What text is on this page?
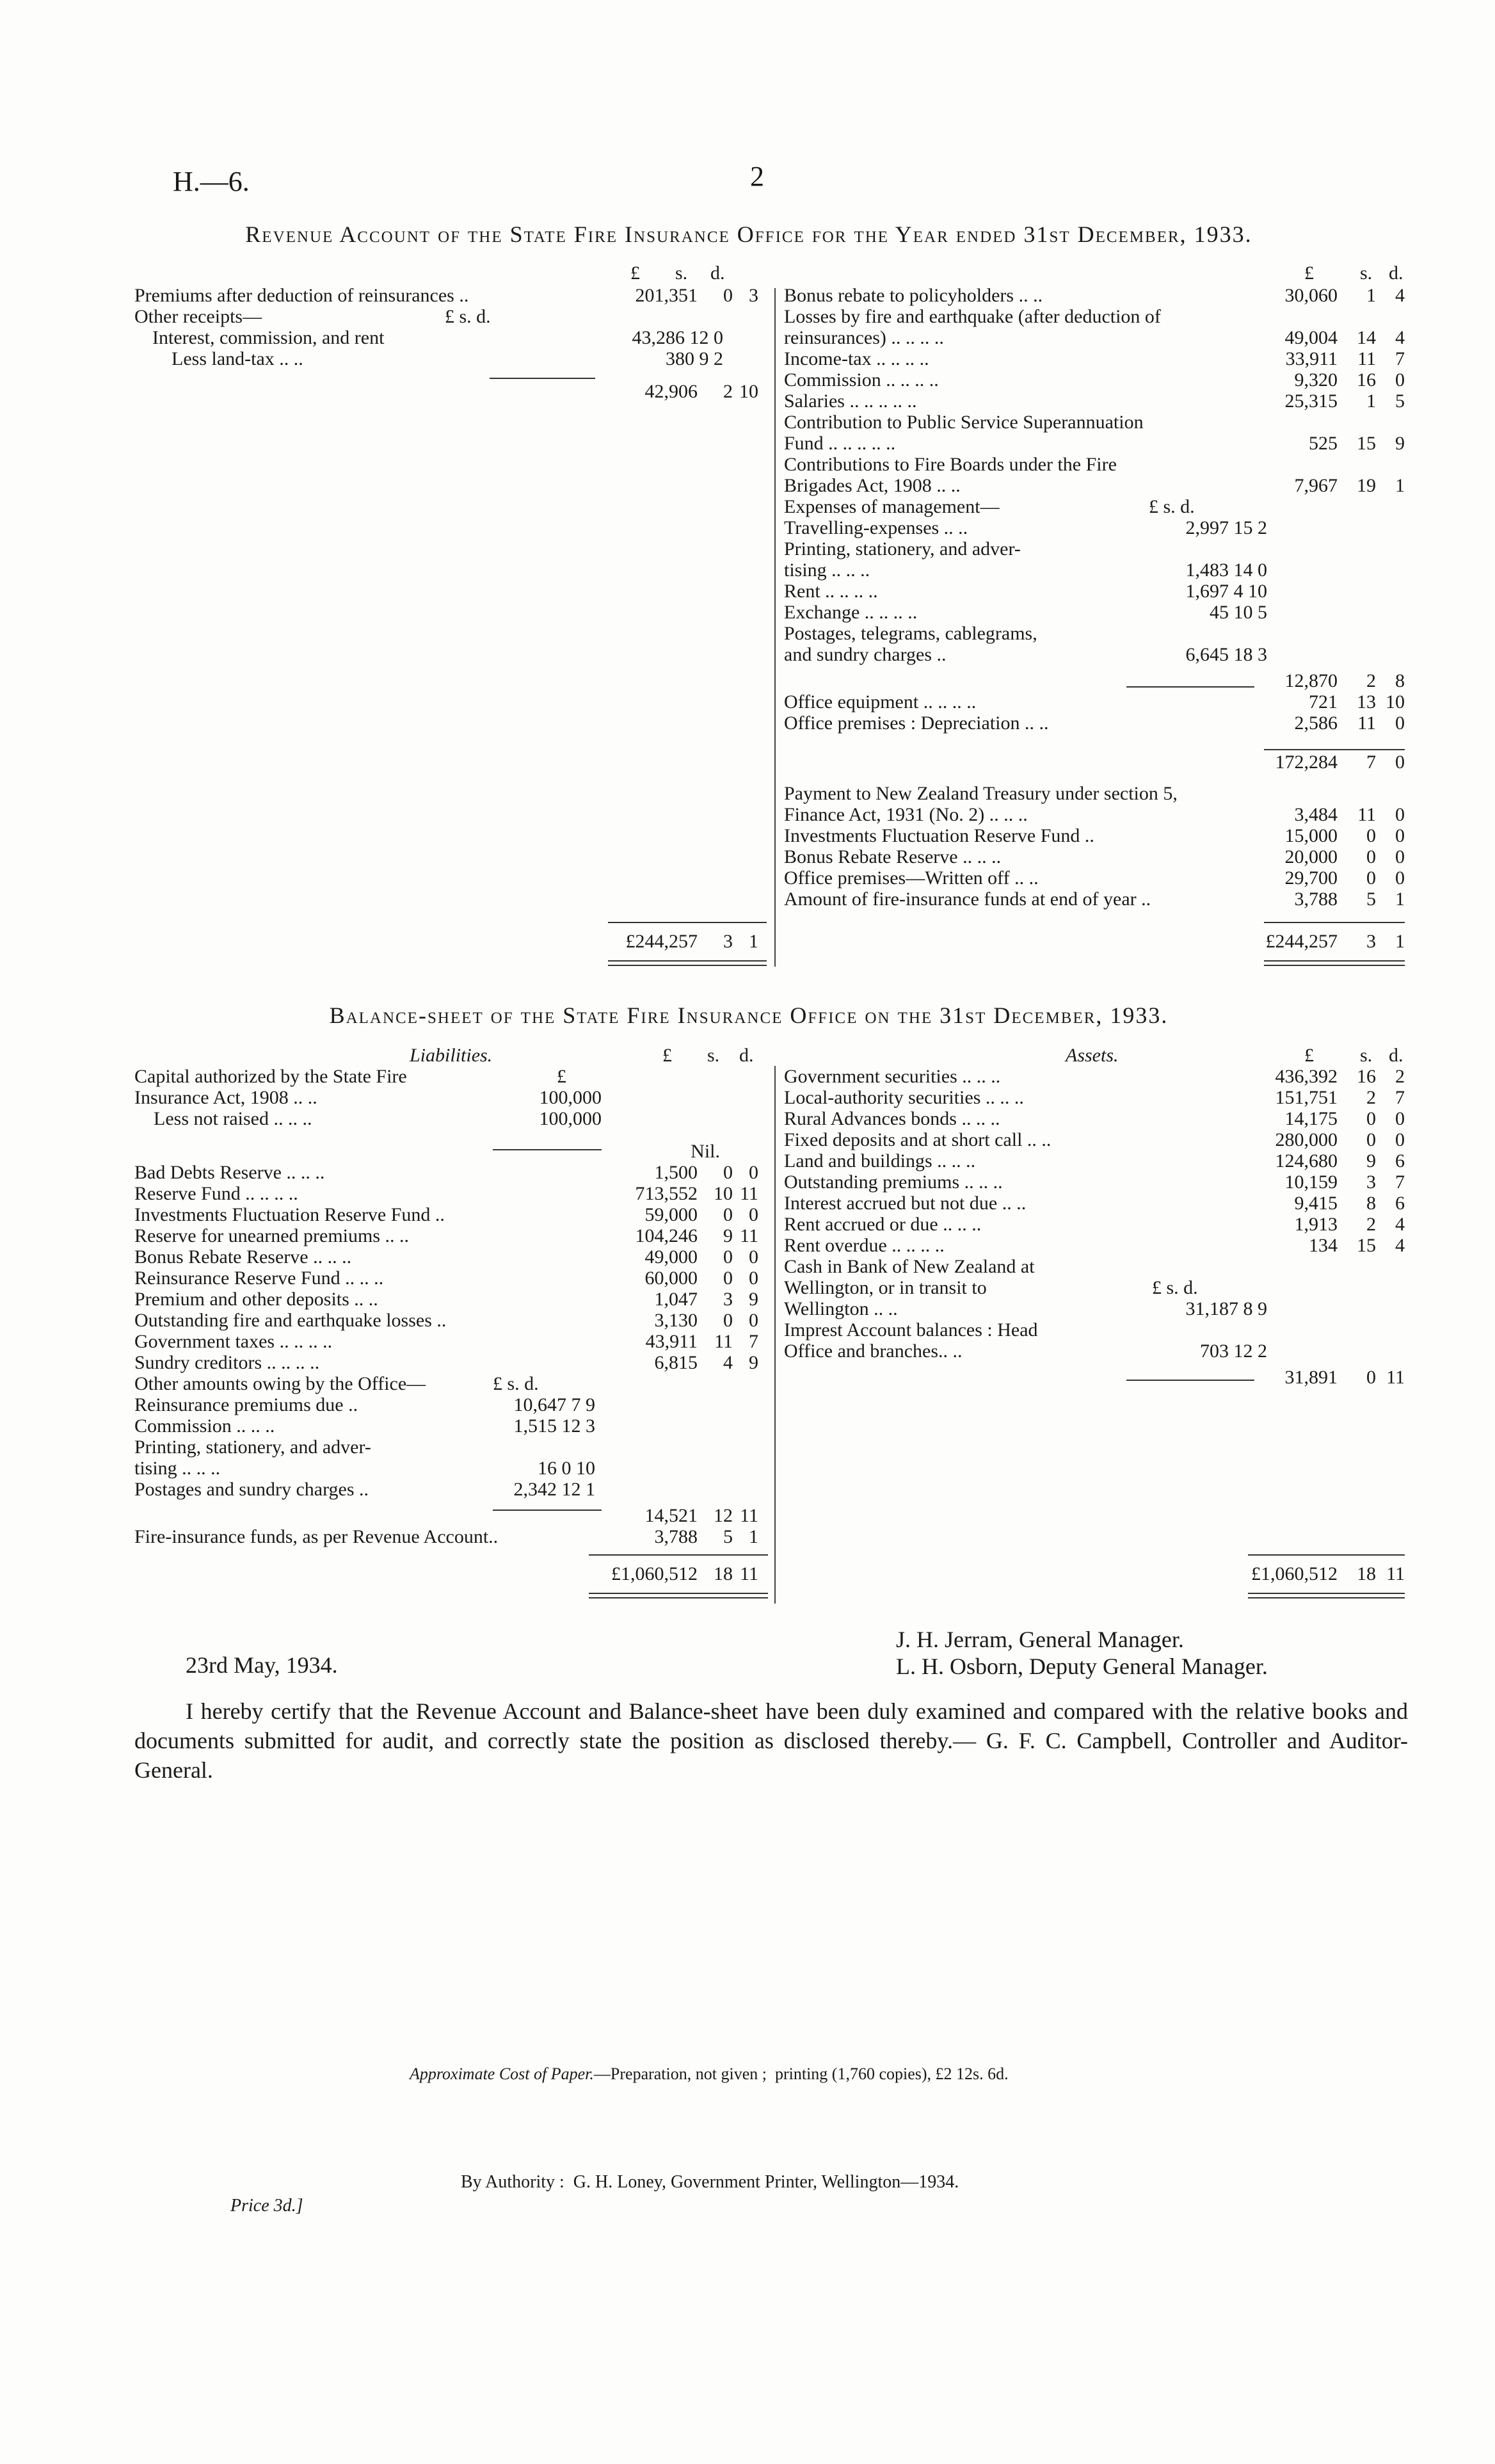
H.—6.	2
Revenue Account of the State Fire Insurance Office for the Year ended 31st December, 1933.
£ s. d.
Premiums after deduction of reinsurances ..	201,351 0 3
Other receipts—	£ s. d.
Interest, commission, and rent	43,286 12 0
Less land-tax .. ..	380 9 2
42,906 2 10
£244,257 3 1
£ s. d.
Bonus rebate to policyholders .. ..	30,060 1 4
Losses by fire and earthquake (after deduction of
reinsurances) .. .. .. ..	49,004 14 4
Income-tax .. .. .. ..	33,911 11 7
Commission .. .. .. ..	9,320 16 0
Salaries .. .. .. .. ..	25,315 1 5
Contribution to Public Service Superannuation
Fund .. .. .. .. ..	525 15 9
Contributions to Fire Boards under the Fire
Brigades Act, 1908 .. ..	7,967 19 1
Expenses of management—	£ s. d.
Travelling-expenses .. ..	2,997 15 2
Printing, stationery, and adver-
tising .. .. ..	1,483 14 0
Rent .. .. .. ..	1,697 4 10
Exchange .. .. .. ..	45 10 5
Postages, telegrams, cablegrams,
and sundry charges ..	6,645 18 3
12,870 2 8
Office equipment .. .. .. ..	721 13 10
Office premises : Depreciation .. ..	2,586 11 0
172,284 7 0
Payment to New Zealand Treasury under section 5,
Finance Act, 1931 (No. 2) .. .. ..	3,484 11 0
Investments Fluctuation Reserve Fund ..	15,000 0 0
Bonus Rebate Reserve .. .. ..	20,000 0 0
Office premises—Written off .. ..	29,700 0 0
Amount of fire-insurance funds at end of year ..	3,788 5 1
£244,257 3 1
Balance-sheet of the State Fire Insurance Office on the 31st December, 1933.
Liabilities.	£ s. d.
Capital authorized by the State Fire	£
Insurance Act, 1908 .. ..	100,000
Less not raised .. .. ..	100,000
Nil.
Bad Debts Reserve .. .. ..	1,500 0 0
Reserve Fund .. .. .. ..	713,552 10 11
Investments Fluctuation Reserve Fund ..	59,000 0 0
Reserve for unearned premiums .. ..	104,246 9 11
Bonus Rebate Reserve .. .. ..	49,000 0 0
Reinsurance Reserve Fund .. .. ..	60,000 0 0
Premium and other deposits .. ..	1,047 3 9
Outstanding fire and earthquake losses ..	3,130 0 0
Government taxes .. .. .. ..	43,911 11 7
Sundry creditors .. .. .. ..	6,815 4 9
Other amounts owing by the Office—	£ s. d.
Reinsurance premiums due ..	10,647 7 9
Commission .. .. ..	1,515 12 3
Printing, stationery, and adver-
tising .. .. ..	16 0 10
Postages and sundry charges ..	2,342 12 1
14,521 12 11
Fire-insurance funds, as per Revenue Account..	3,788 5 1
£1,060,512 18 11
Assets.	£ s. d.
Government securities .. .. ..	436,392 16 2
Local-authority securities .. .. ..	151,751 2 7
Rural Advances bonds .. .. ..	14,175 0 0
Fixed deposits and at short call .. ..	280,000 0 0
Land and buildings .. .. ..	124,680 9 6
Outstanding premiums .. .. ..	10,159 3 7
Interest accrued but not due .. ..	9,415 8 6
Rent accrued or due .. .. ..	1,913 2 4
Rent overdue .. .. .. ..	134 15 4
Cash in Bank of New Zealand at
Wellington, or in transit to	£ s. d.
Wellington .. ..	31,187 8 9
Imprest Account balances : Head
Office and branches.. ..	703 12 2
31,891 0 11
£1,060,512 18 11
J. H. Jerram, General Manager.
23rd May, 1934.	L. H. Osborn, Deputy General Manager.
I hereby certify that the Revenue Account and Balance-sheet have been duly examined and compared with the relative books and documents submitted for audit, and correctly state the position as disclosed thereby.— G. F. C. Campbell, Controller and Auditor-General.
Approximate Cost of Paper.—Preparation, not given ;  printing (1,760 copies), £2 12s. 6d.
By Authority :  G. H. Loney, Government Printer, Wellington—1934.
Price 3d.]
